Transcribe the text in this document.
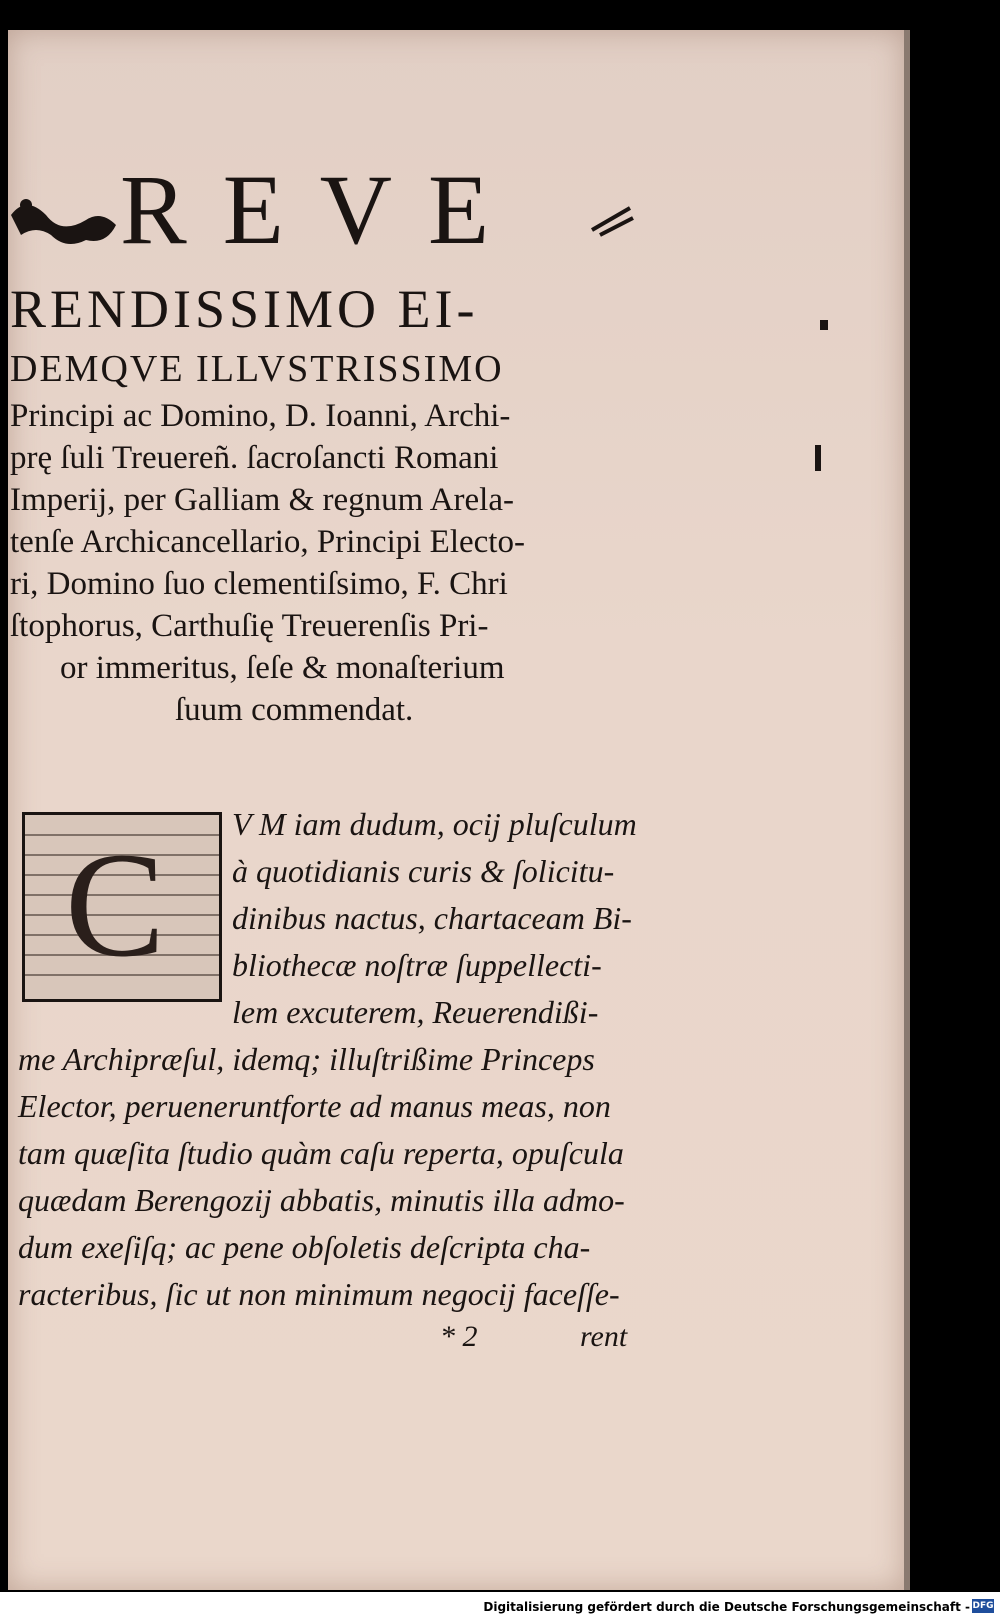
REVE
RENDISSIMO EI-
DEMQVE ILLVSTRISSIMO
Principi ac Domino, D. Ioanni, Archi-
prę ſuli Treuereñ. ſacroſancti Romani
Imperij, per Galliam & regnum Arela-
tenſe Archicancellario, Principi Electo-
ri, Domino ſuo clementiſsimo, F. Chri
ſtophorus, Carthuſię Treuerenſis Pri-
or immeritus, ſeſe & monaſterium
ſuum commendat.
C V M iam dudum, ocij pluſculum
à quotidianis curis & ſolicitu-
dinibus nactus, chartaceam Bi-
bliothecæ noſtræ ſuppellecti-
lem excuterem, Reuerendißi-
me Archipræſul, idemq; illuſtrißime Princeps
Elector, perueneruntforte ad manus meas, non
tam quæſita ſtudio quàm caſu reperta, opuſcula
quædam Berengozij abbatis, minutis illa admo-
dum exeſiſq; ac pene obſoletis deſcripta cha-
racteribus, ſic ut non minimum negocij faceſſe-
* 2	rent
Digitalisierung gefördert durch die Deutsche Forschungsgemeinschaft - DFG
